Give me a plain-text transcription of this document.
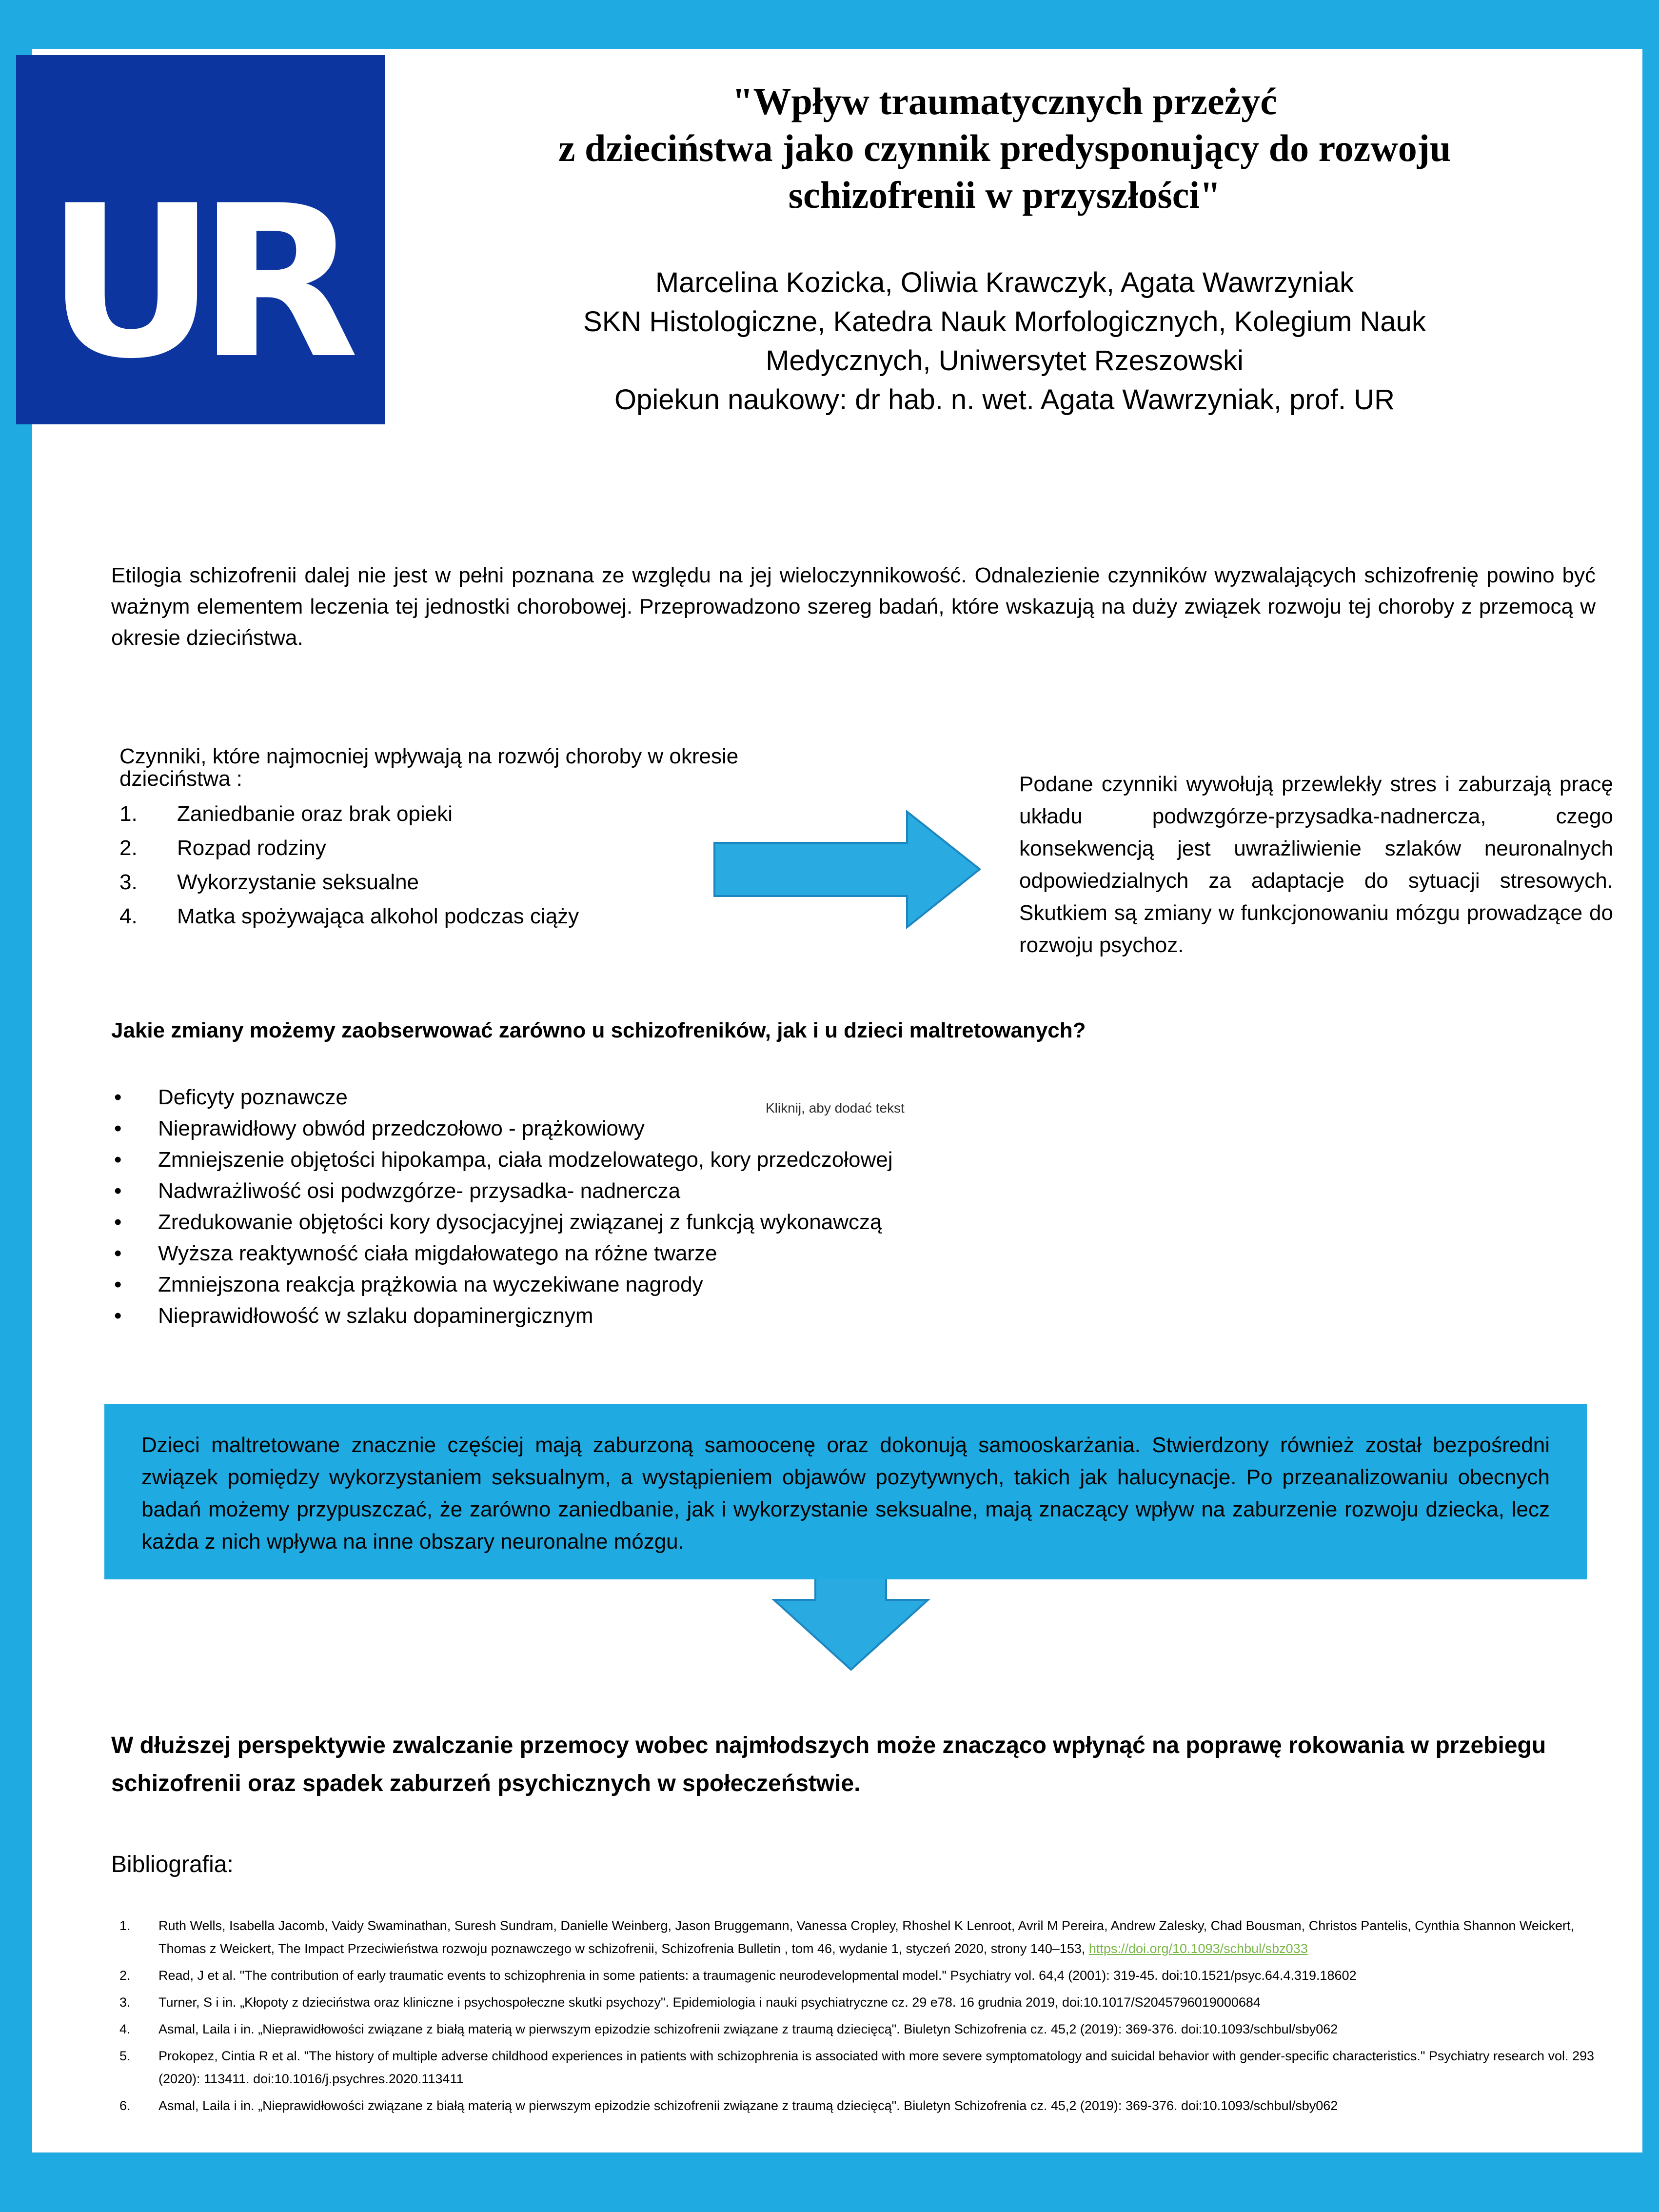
UR
"Wpływ traumatycznych przeżyć
z dzieciństwa jako czynnik predysponujący do rozwoju
schizofrenii w przyszłości"
Marcelina Kozicka, Oliwia Krawczyk, Agata Wawrzyniak
SKN Histologiczne, Katedra Nauk Morfologicznych, Kolegium Nauk
Medycznych, Uniwersytet Rzeszowski
Opiekun naukowy: dr hab. n. wet. Agata Wawrzyniak, prof. UR
Etilogia schizofrenii dalej nie jest w pełni poznana ze względu na jej wieloczynnikowość. Odnalezienie czynników wyzwalających schizofrenię powino być ważnym elementem leczenia tej jednostki chorobowej. Przeprowadzono szereg badań, które wskazują na duży związek rozwoju tej choroby z przemocą w okresie dzieciństwa.
Czynniki, które najmocniej wpływają na rozwój choroby w okresie dzieciństwa :
1. Zaniedbanie oraz brak opieki
2. Rozpad rodziny
3. Wykorzystanie seksualne
4. Matka spożywająca alkohol podczas ciąży
Podane czynniki wywołują przewlekły stres i zaburzają pracę układu podwzgórze-przysadka-nadnercza, czego konsekwencją jest uwrażliwienie szlaków neuronalnych odpowiedzialnych za adaptacje do sytuacji stresowych. Skutkiem są zmiany w funkcjonowaniu mózgu prowadzące do rozwoju psychoz.
Jakie zmiany możemy zaobserwować zarówno u schizofreników, jak i u dzieci maltretowanych?
Kliknij, aby dodać tekst
• Deficyty poznawcze
• Nieprawidłowy obwód przedczołowo - prążkowiowy
• Zmniejszenie objętości hipokampa, ciała modzelowatego, kory przedczołowej
• Nadwrażliwość osi podwzgórze- przysadka- nadnercza
• Zredukowanie objętości kory dysocjacyjnej związanej z funkcją wykonawczą
• Wyższa reaktywność ciała migdałowatego na różne twarze
• Zmniejszona reakcja prążkowia na wyczekiwane nagrody
• Nieprawidłowość w szlaku dopaminergicznym
Dzieci maltretowane znacznie częściej mają zaburzoną samoocenę oraz dokonują samooskarżania. Stwierdzony również został bezpośredni związek pomiędzy wykorzystaniem seksualnym, a wystąpieniem objawów pozytywnych, takich jak halucynacje. Po przeanalizowaniu obecnych badań możemy przypuszczać, że zarówno zaniedbanie, jak i wykorzystanie seksualne, mają znaczący wpływ na zaburzenie rozwoju dziecka, lecz każda z nich wpływa na inne obszary neuronalne mózgu.
W dłuższej perspektywie zwalczanie przemocy wobec najmłodszych może znacząco wpłynąć na poprawę rokowania w przebiegu schizofrenii oraz spadek zaburzeń psychicznych w społeczeństwie.
Bibliografia:
1. Ruth Wells, Isabella Jacomb, Vaidy Swaminathan, Suresh Sundram, Danielle Weinberg, Jason Bruggemann, Vanessa Cropley, Rhoshel K Lenroot, Avril M Pereira, Andrew Zalesky, Chad Bousman, Christos Pantelis, Cynthia Shannon Weickert, Thomas z Weickert, The Impact Przeciwieństwa rozwoju poznawczego w schizofrenii, Schizofrenia Bulletin , tom 46, wydanie 1, styczeń 2020, strony 140–153, https://doi.org/10.1093/schbul/sbz033
2. Read, J et al. "The contribution of early traumatic events to schizophrenia in some patients: a traumagenic neurodevelopmental model." Psychiatry vol. 64,4 (2001): 319-45. doi:10.1521/psyc.64.4.319.18602
3. Turner, S i in. „Kłopoty z dzieciństwa oraz kliniczne i psychospołeczne skutki psychozy". Epidemiologia i nauki psychiatryczne cz. 29 e78. 16 grudnia 2019, doi:10.1017/S2045796019000684
4. Asmal, Laila i in. „Nieprawidłowości związane z białą materią w pierwszym epizodzie schizofrenii związane z traumą dziecięcą". Biuletyn Schizofrenia cz. 45,2 (2019): 369-376. doi:10.1093/schbul/sby062
5. Prokopez, Cintia R et al. "The history of multiple adverse childhood experiences in patients with schizophrenia is associated with more severe symptomatology and suicidal behavior with gender-specific characteristics." Psychiatry research vol. 293 (2020): 113411. doi:10.1016/j.psychres.2020.113411
6. Asmal, Laila i in. „Nieprawidłowości związane z białą materią w pierwszym epizodzie schizofrenii związane z traumą dziecięcą". Biuletyn Schizofrenia cz. 45,2 (2019): 369-376. doi:10.1093/schbul/sby062
